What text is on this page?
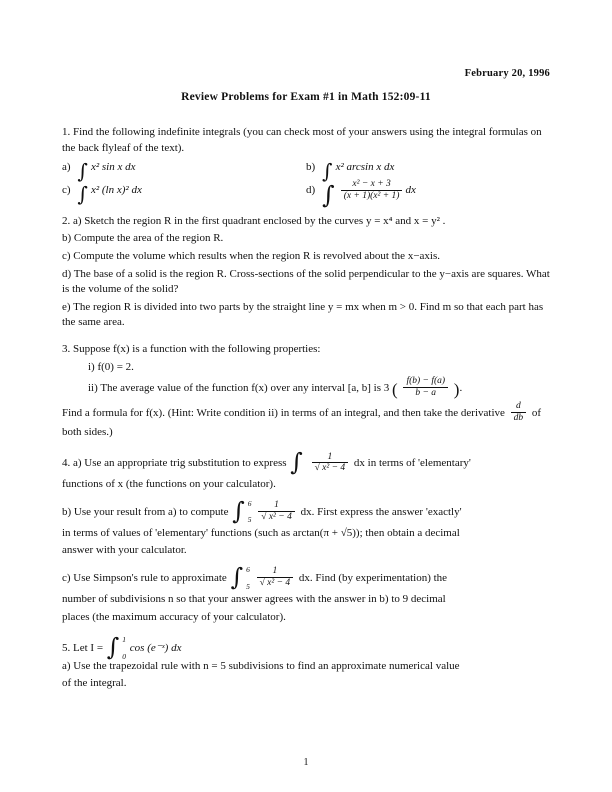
February 20, 1996
Review Problems for Exam #1 in Math 152:09-11

1. Find the following indefinite integrals (you can check most of your answers using the integral formulas on the back flyleaf of the text).

a) ∫ x² sin x dx	b) ∫ x² arcsin x dx
c) ∫ x² (ln x)² dx	d) ∫ $\frac{\text{x² − x + 3}}{\text{(x + 1)(x² + 1)}}$ dx

2. a) Sketch the region R in the first quadrant enclosed by the curves y = x⁴ and x = y² .

b) Compute the area of the region R.

c) Compute the volume which results when the region R is revolved about the x−axis.

d) The base of a solid is the region R. Cross-sections of the solid perpendicular to the y−axis are squares. What is the volume of the solid?

e) The region R is divided into two parts by the straight line y = mx when m > 0. Find m so that each part has the same area.

3. Suppose f(x) is a function with the following properties:

i) f(0) = 2.

ii) The average value of the function f(x) over any interval [a, b] is 3 ( $\frac{f(b) - f(a)}{b - a}$ ).

Find a formula for f(x). (Hint: Write condition ii) in terms of an integral, and then take the derivative $\frac{d}{db}$ of both sides.)

4. a) Use an appropriate trig substitution to express ∫ $\frac{1}{\text{√ x² − 4}}$ dx in terms of 'elementary'

functions of x (the functions on your calculator).

b) Use your result from a) to compute ∫ 6
5
$\frac{1}{\text{√ x² − 4}}$ dx. First express the answer 'exactly'

in terms of values of 'elementary' functions (such as arctan(π + √5)); then obtain a decimal

answer with your calculator.

c) Use Simpson's rule to approximate ∫ 6
5
$\frac{1}{\text{√ x² − 4}}$ dx. Find (by experimentation) the

number of subdivisions n so that your answer agrees with the answer in b) to 9 decimal

places (the maximum accuracy of your calculator).

5. Let I = ∫ 1
0
cos (e⁻ˣ) dx

a) Use the trapezoidal rule with n = 5 subdivisions to find an approximate numerical value

of the integral.

1
